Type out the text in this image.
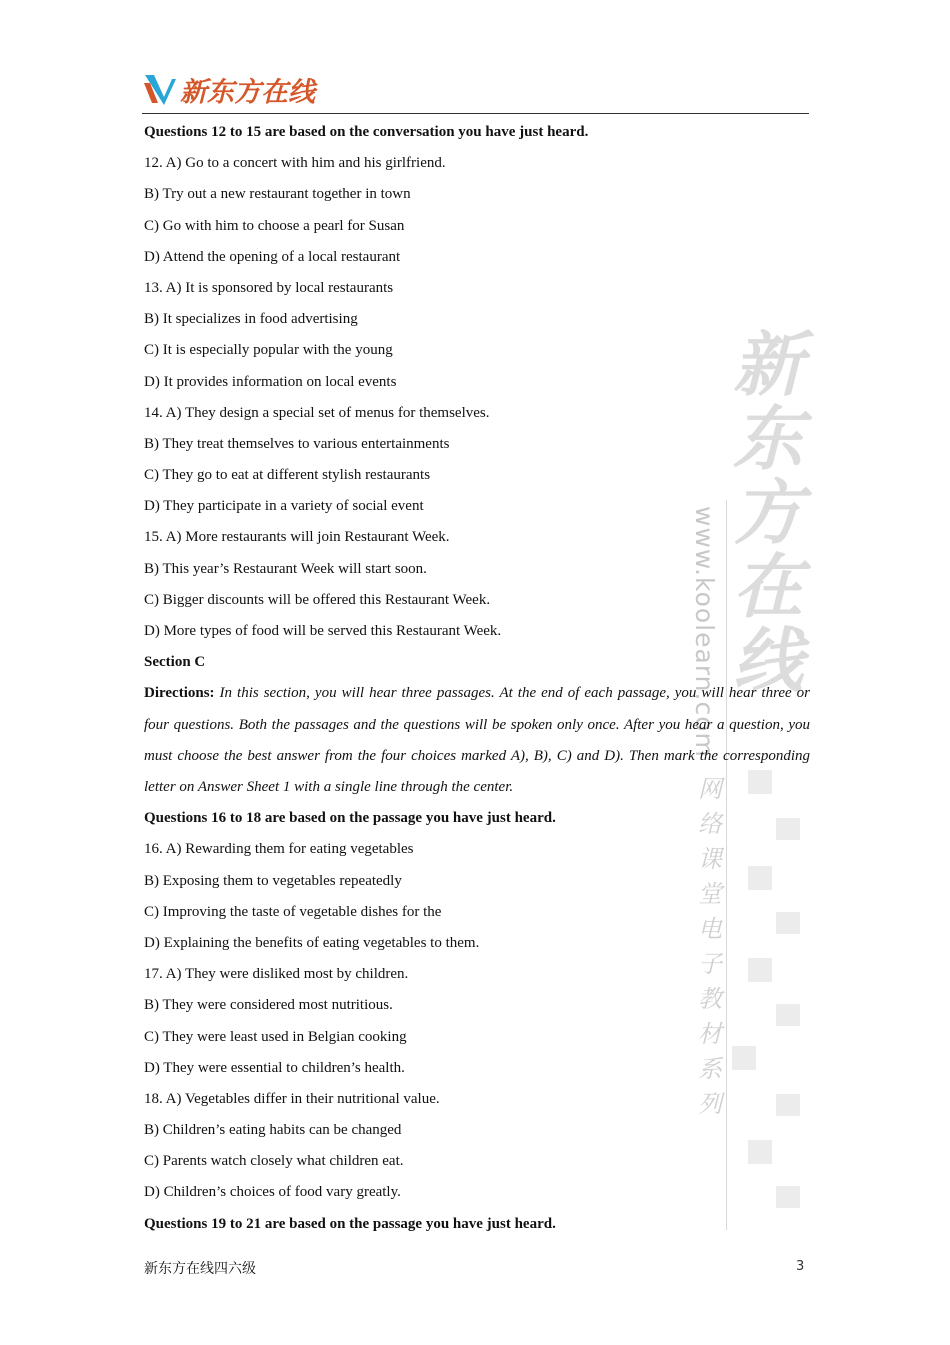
新东方在线
新东方在线
www.koolearn.com
网络课堂电子教材系列
Questions 12 to 15 are based on the conversation you have just heard.
12. A) Go to a concert with him and his girlfriend.
B) Try out a new restaurant together in town
C) Go with him to choose a pearl for Susan
D) Attend the opening of a local restaurant
13. A) It is sponsored by local restaurants
B) It specializes in food advertising
C) It is especially popular with the young
D) It provides information on local events
14. A) They design a special set of menus for themselves.
B) They treat themselves to various entertainments
C) They go to eat at different stylish restaurants
D) They participate in a variety of social event
15. A) More restaurants will join Restaurant Week.
B) This year’s Restaurant Week will start soon.
C) Bigger discounts will be offered this Restaurant Week.
D) More types of food will be served this Restaurant Week.
Section C
Directions: In this section, you will hear three passages. At the end of each passage, you will hear three or four questions. Both the passages and the questions will be spoken only once. After you hear a question, you must choose the best answer from the four choices marked A), B), C) and D). Then mark the corresponding letter on Answer Sheet 1 with a single line through the center.
Questions 16 to 18 are based on the passage you have just heard.
16. A) Rewarding them for eating vegetables
B) Exposing them to vegetables repeatedly
C) Improving the taste of vegetable dishes for the
D) Explaining the benefits of eating vegetables to them.
17. A) They were disliked most by children.
B) They were considered most nutritious.
C) They were least used in Belgian cooking
D) They were essential to children’s health.
18. A) Vegetables differ in their nutritional value.
B) Children’s eating habits can be changed
C) Parents watch closely what children eat.
D) Children’s choices of food vary greatly.
Questions 19 to 21 are based on the passage you have just heard.
新东方在线四六级	3
